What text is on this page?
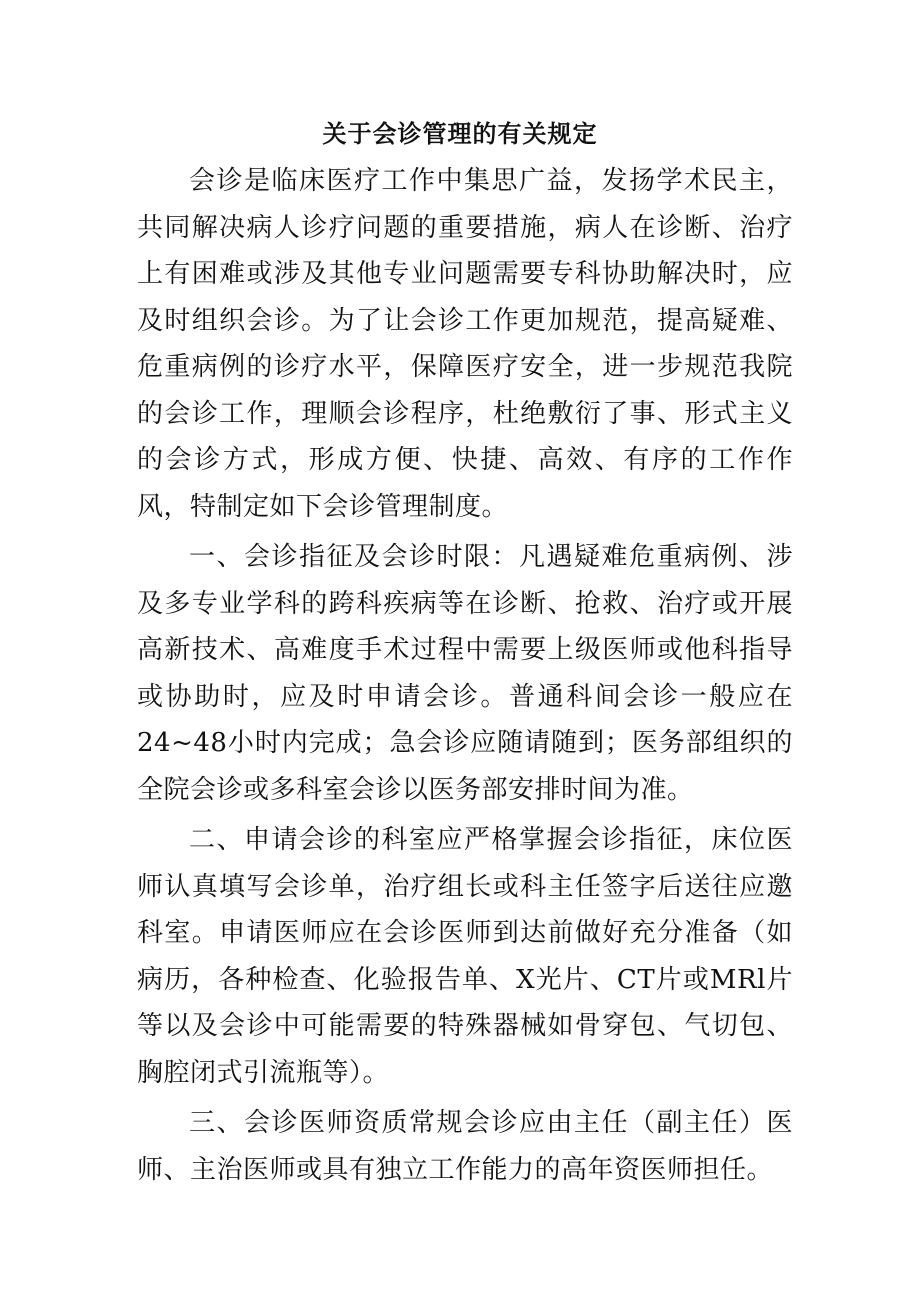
关于会诊管理的有关规定

会诊是临床医疗工作中集思广益，发扬学术民主，共同解决病人诊疗问题的重要措施，病人在诊断、治疗上有困难或涉及其他专业问题需要专科协助解决时，应及时组织会诊。为了让会诊工作更加规范，提高疑难、危重病例的诊疗水平，保障医疗安全，进一步规范我院的会诊工作，理顺会诊程序，杜绝敷衍了事、形式主义的会诊方式，形成方便、快捷、高效、有序的工作作风，特制定如下会诊管理制度。

一、会诊指征及会诊时限：凡遇疑难危重病例、涉及多专业学科的跨科疾病等在诊断、抢救、治疗或开展高新技术、高难度手术过程中需要上级医师或他科指导或协助时，应及时申请会诊。普通科间会诊一般应在24~48小时内完成；急会诊应随请随到；医务部组织的全院会诊或多科室会诊以医务部安排时间为准。

二、申请会诊的科室应严格掌握会诊指征，床位医师认真填写会诊单，治疗组长或科主任签字后送往应邀科室。申请医师应在会诊医师到达前做好充分准备（如病历，各种检查、化验报告单、X光片、CT片或MRl片等以及会诊中可能需要的特殊器械如骨穿包、气切包、胸腔闭式引流瓶等）。

三、会诊医师资质常规会诊应由主任（副主任）医师、主治医师或具有独立工作能力的高年资医师担任。
